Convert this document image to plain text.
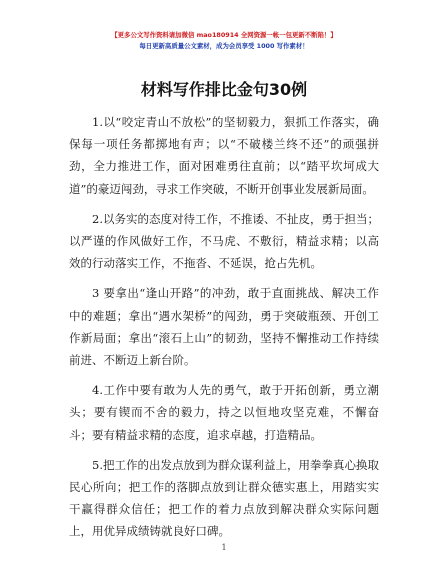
【更多公文写作资料请加微信 mao180914 全网资源一帐一包更新不断陷！】
每日更新高质量公文素材，成为会员享受 1000 写作素材！
材料写作排比金句30例

1.以“咬定青山不放松”的坚韧毅力，狠抓工作落实，确保每一项任务都掷地有声；以“不破楼兰终不还”的顽强拼劲，全力推进工作，面对困难勇往直前；以“踏平坎坷成大道”的豪迈闯劲，寻求工作突破，不断开创事业发展新局面。

2.以务实的态度对待工作，不推诿、不扯皮，勇于担当；以严谨的作风做好工作，不马虎、不敷衍，精益求精；以高效的行动落实工作，不拖沓、不延误，抢占先机。

3 要拿出“逢山开路”的冲劲，敢于直面挑战、解决工作中的难题；拿出“遇水架桥”的闯劲，勇于突破瓶颈、开创工作新局面；拿出“滚石上山”的韧劲，坚持不懈推动工作持续前进、不断迈上新台阶。

4.工作中要有敢为人先的勇气，敢于开拓创新，勇立潮头；要有锲而不舍的毅力，持之以恒地攻坚克难，不懈奋斗；要有精益求精的态度，追求卓越，打造精品。

5.把工作的出发点放到为群众谋利益上，用拳拳真心换取民心所向；把工作的落脚点放到让群众德实惠上，用踏实实干赢得群众信任；把工作的着力点放到解决群众实际问题上，用优异成绩铸就良好口碑。

1
